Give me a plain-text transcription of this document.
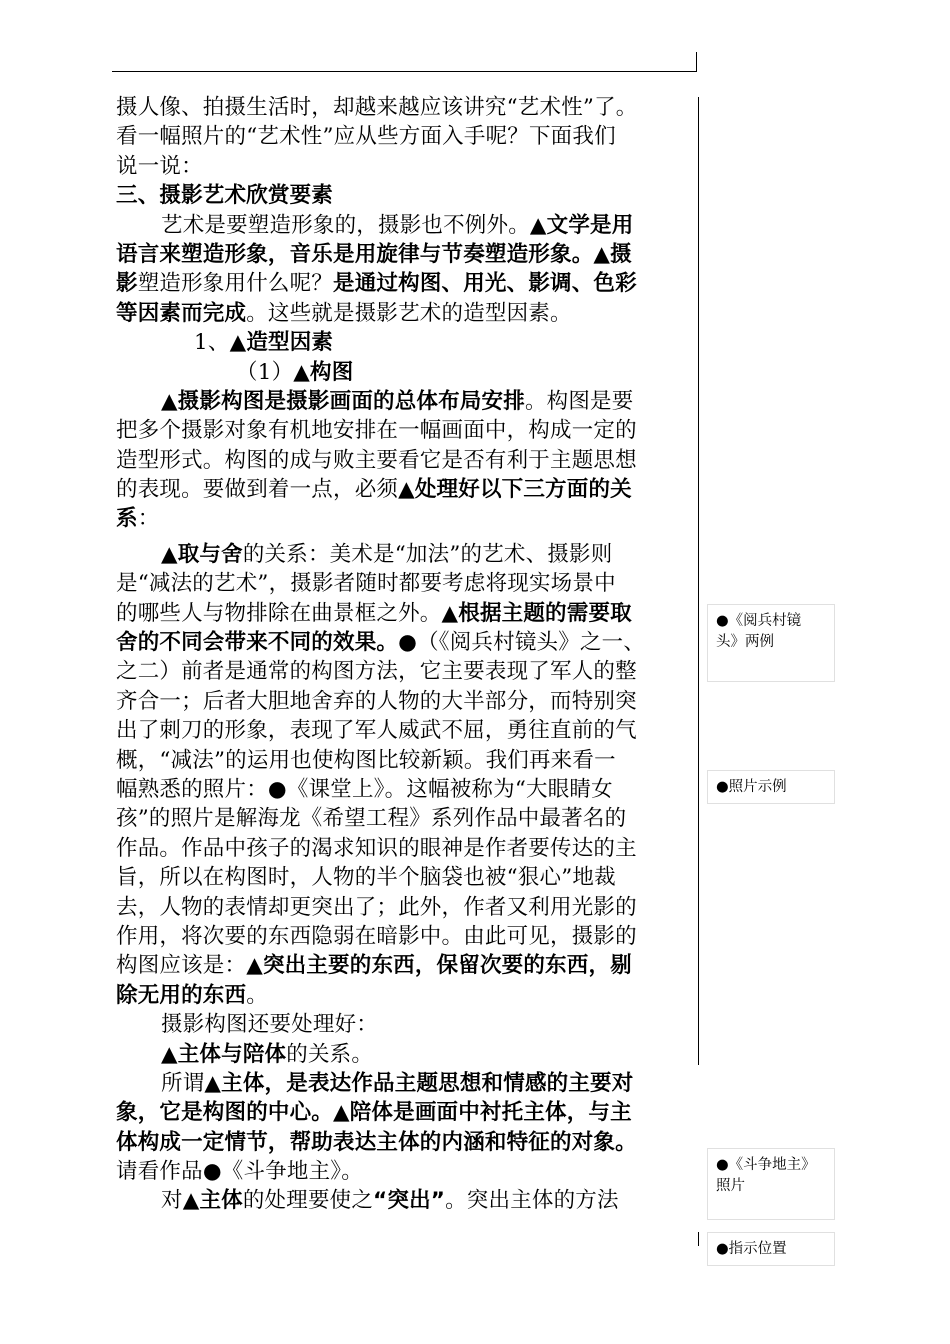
摄人像、拍摄生活时，却越来越应该讲究“艺术性”了。
看一幅照片的“艺术性”应从些方面入手呢？下面我们
说一说：
三、摄影艺术欣赏要素
艺术是要塑造形象的，摄影也不例外。▲文学是用
语言来塑造形象，音乐是用旋律与节奏塑造形象。▲摄
影塑造形象用什么呢？是通过构图、用光、影调、色彩
等因素而完成。这些就是摄影艺术的造型因素。
1、▲造型因素
（1）▲构图
▲摄影构图是摄影画面的总体布局安排。构图是要
把多个摄影对象有机地安排在一幅画面中，构成一定的
造型形式。构图的成与败主要看它是否有利于主题思想
的表现。要做到着一点，必须▲处理好以下三方面的关
系：
▲取与舍的关系：美术是“加法”的艺术、摄影则
是“减法的艺术”，摄影者随时都要考虑将现实场景中
的哪些人与物排除在曲景框之外。▲根据主题的需要取
舍的不同会带来不同的效果。●（《阅兵村镜头》之一、
之二）前者是通常的构图方法，它主要表现了军人的整
齐合一；后者大胆地舍弃的人物的大半部分，而特别突
出了刺刀的形象，表现了军人威武不屈，勇往直前的气
概，“减法”的运用也使构图比较新颖。我们再来看一
幅熟悉的照片：●《课堂上》。这幅被称为“大眼睛女
孩”的照片是解海龙《希望工程》系列作品中最著名的
作品。作品中孩子的渴求知识的眼神是作者要传达的主
旨，所以在构图时，人物的半个脑袋也被“狠心”地裁
去，人物的表情却更突出了；此外，作者又利用光影的
作用，将次要的东西隐弱在暗影中。由此可见，摄影的
构图应该是：▲突出主要的东西，保留次要的东西，剔
除无用的东西。
摄影构图还要处理好：
▲主体与陪体的关系。
所谓▲主体，是表达作品主题思想和情感的主要对
象，它是构图的中心。▲陪体是画面中衬托主体，与主
体构成一定情节，帮助表达主体的内涵和特征的对象。
请看作品●《斗争地主》。
对▲主体的处理要使之“突出”。突出主体的方法
●《阅兵村镜
头》两例
●照片示例
●《斗争地主》
照片
●指示位置
